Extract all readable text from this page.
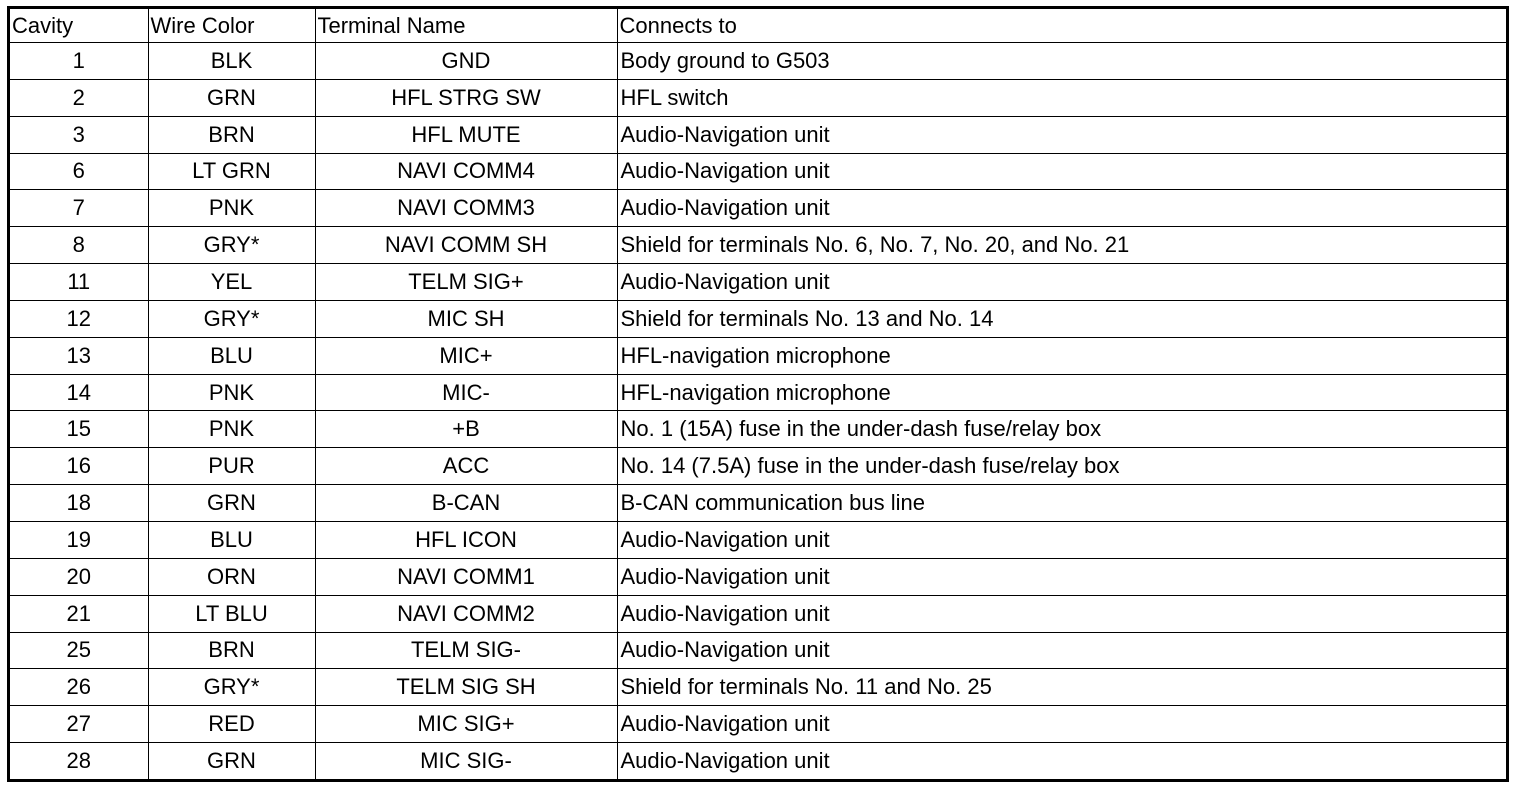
Cavity	Wire Color	Terminal Name	Connects to
1	BLK	GND	Body ground to G503
2	GRN	HFL STRG SW	HFL switch
3	BRN	HFL MUTE	Audio-Navigation unit
6	LT GRN	NAVI COMM4	Audio-Navigation unit
7	PNK	NAVI COMM3	Audio-Navigation unit
8	GRY*	NAVI COMM SH	Shield for terminals No. 6, No. 7, No. 20, and No. 21
11	YEL	TELM SIG+	Audio-Navigation unit
12	GRY*	MIC SH	Shield for terminals No. 13 and No. 14
13	BLU	MIC+	HFL-navigation microphone
14	PNK	MIC-	HFL-navigation microphone
15	PNK	+B	No. 1 (15A) fuse in the under-dash fuse/relay box
16	PUR	ACC	No. 14 (7.5A) fuse in the under-dash fuse/relay box
18	GRN	B-CAN	B-CAN communication bus line
19	BLU	HFL ICON	Audio-Navigation unit
20	ORN	NAVI COMM1	Audio-Navigation unit
21	LT BLU	NAVI COMM2	Audio-Navigation unit
25	BRN	TELM SIG-	Audio-Navigation unit
26	GRY*	TELM SIG SH	Shield for terminals No. 11 and No. 25
27	RED	MIC SIG+	Audio-Navigation unit
28	GRN	MIC SIG-	Audio-Navigation unit
